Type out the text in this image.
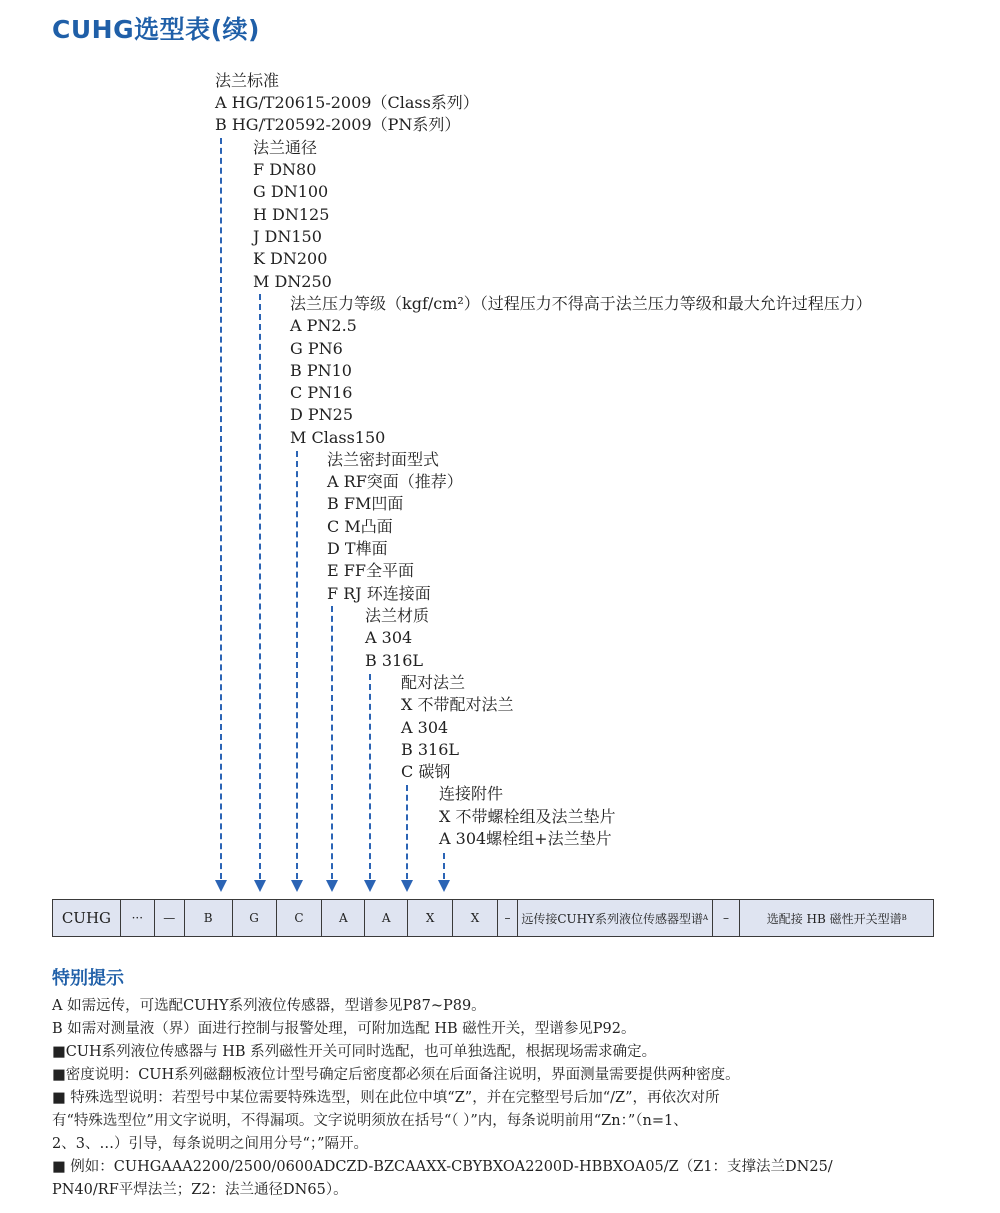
CUHG选型表(续)
法兰标准
A HG/T20615-2009（Class系列）
B HG/T20592-2009（PN系列）
法兰通径
F DN80
G DN100
H DN125
J DN150
K DN200
M DN250
法兰压力等级（kgf/cm²）（过程压力不得高于法兰压力等级和最大允许过程压力）
A PN2.5
G PN6
B PN10
C PN16
D PN25
M Class150
法兰密封面型式
A RF突面（推荐）
B FM凹面
C M凸面
D T榫面
E FF全平面
F RJ 环连接面
法兰材质
A 304
B 316L
配对法兰
X 不带配对法兰
A 304
B 316L
C 碳钢
连接附件
X 不带螺栓组及法兰垫片
A 304螺栓组+法兰垫片
CUHG	···	—	B	G	C	A	A	X	X	– 远传接CUHY系列液位传感器型谱 A	–	选配接 HB 磁性开关型谱 B
特别提示
A 如需远传，可选配CUHY系列液位传感器，型谱参见P87~P89。
B 如需对测量液（界）面进行控制与报警处理，可附加选配 HB 磁性开关，型谱参见P92。
■CUH系列液位传感器与 HB 系列磁性开关可同时选配，也可单独选配，根据现场需求确定。
■密度说明：CUH系列磁翻板液位计型号确定后密度都必须在后面备注说明，界面测量需要提供两种密度。
■ 特殊选型说明：若型号中某位需要特殊选型，则在此位中填“Z”，并在完整型号后加“/Z”，再依次对所
有“特殊选型位”用文字说明，不得漏项。文字说明须放在括号“（ ）”内，每条说明前用“Zn：”（n=1、
2、3、…）引导，每条说明之间用分号“；”隔开。
■ 例如：CUHGAAA2200/2500/0600ADCZD-BZCAAXX-CBYBXOA2200D-HBBXOA05/Z（Z1：支撑法兰DN25/
PN40/RF平焊法兰；Z2：法兰通径DN65）。
